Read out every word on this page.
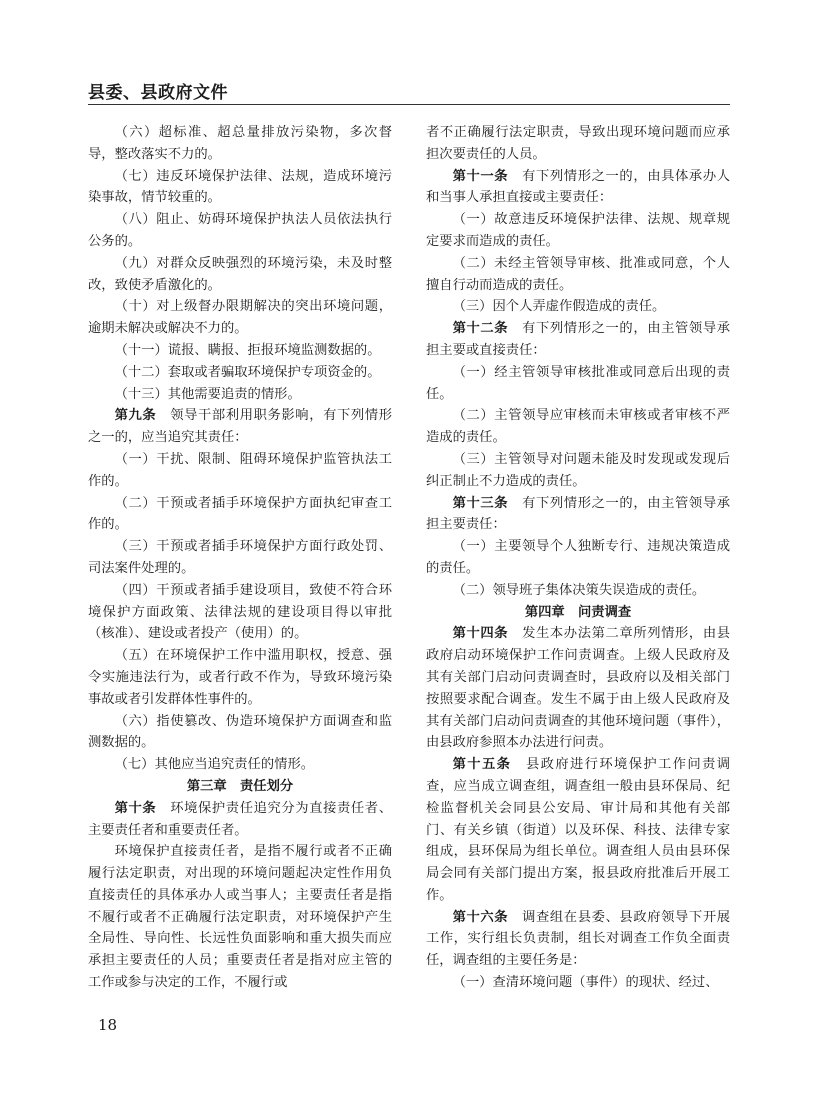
县委、县政府文件

（六）超标准、超总量排放污染物，多次督导，整改落实不力的。

（七）违反环境保护法律、法规，造成环境污染事故，情节较重的。

（八）阻止、妨碍环境保护执法人员依法执行公务的。

（九）对群众反映强烈的环境污染，未及时整改，致使矛盾激化的。

（十）对上级督办限期解决的突出环境问题，逾期未解决或解决不力的。

（十一）谎报、瞒报、拒报环境监测数据的。

（十二）套取或者骗取环境保护专项资金的。

（十三）其他需要追责的情形。

第九条　 领导干部利用职务影响，有下列情形之一的，应当追究其责任：

（一）干扰、限制、阻碍环境保护监管执法工作的。

（二）干预或者插手环境保护方面执纪审查工作的。

（三）干预或者插手环境保护方面行政处罚、司法案件处理的。

（四）干预或者插手建设项目，致使不符合环境保护方面政策、法律法规的建设项目得以审批（核准）、建设或者投产（使用）的。

（五）在环境保护工作中滥用职权，授意、强令实施违法行为，或者行政不作为，导致环境污染事故或者引发群体性事件的。

（六）指使篡改、伪造环境保护方面调查和监测数据的。

（七）其他应当追究责任的情形。

第三章　责任划分

第十条　 环境保护责任追究分为直接责任者、主要责任者和重要责任者。

环境保护直接责任者，是指不履行或者不正确履行法定职责，对出现的环境问题起决定性作用负直接责任的具体承办人或当事人；主要责任者是指不履行或者不正确履行法定职责，对环境保护产生全局性、导向性、长远性负面影响和重大损失而应承担主要责任的人员；重要责任者是指对应主管的工作或参与决定的工作，不履行或

者不正确履行法定职责，导致出现环境问题而应承担次要责任的人员。

第十一条　 有下列情形之一的，由具体承办人和当事人承担直接或主要责任：

（一）故意违反环境保护法律、法规、规章规定要求而造成的责任。

（二）未经主管领导审核、批准或同意，个人擅自行动而造成的责任。

（三）因个人弄虚作假造成的责任。

第十二条　 有下列情形之一的，由主管领导承担主要或直接责任：

（一）经主管领导审核批准或同意后出现的责任。

（二）主管领导应审核而未审核或者审核不严造成的责任。

（三）主管领导对问题未能及时发现或发现后纠正制止不力造成的责任。

第十三条　 有下列情形之一的，由主管领导承担主要责任：

（一）主要领导个人独断专行、违规决策造成的责任。

（二）领导班子集体决策失误造成的责任。

第四章　问责调查

第十四条　 发生本办法第二章所列情形，由县政府启动环境保护工作问责调查。上级人民政府及其有关部门启动问责调查时，县政府以及相关部门按照要求配合调查。发生不属于由上级人民政府及其有关部门启动问责调查的其他环境问题（事件），由县政府参照本办法进行问责。

第十五条　 县政府进行环境保护工作问责调查，应当成立调查组，调查组一般由县环保局、纪检监督机关会同县公安局、审计局和其他有关部门、有关乡镇（街道）以及环保、科技、法律专家组成，县环保局为组长单位。调查组人员由县环保局会同有关部门提出方案，报县政府批准后开展工作。

第十六条　 调查组在县委、县政府领导下开展工作，实行组长负责制，组长对调查工作负全面责任，调查组的主要任务是：

（一）查清环境问题（事件）的现状、经过、

18
